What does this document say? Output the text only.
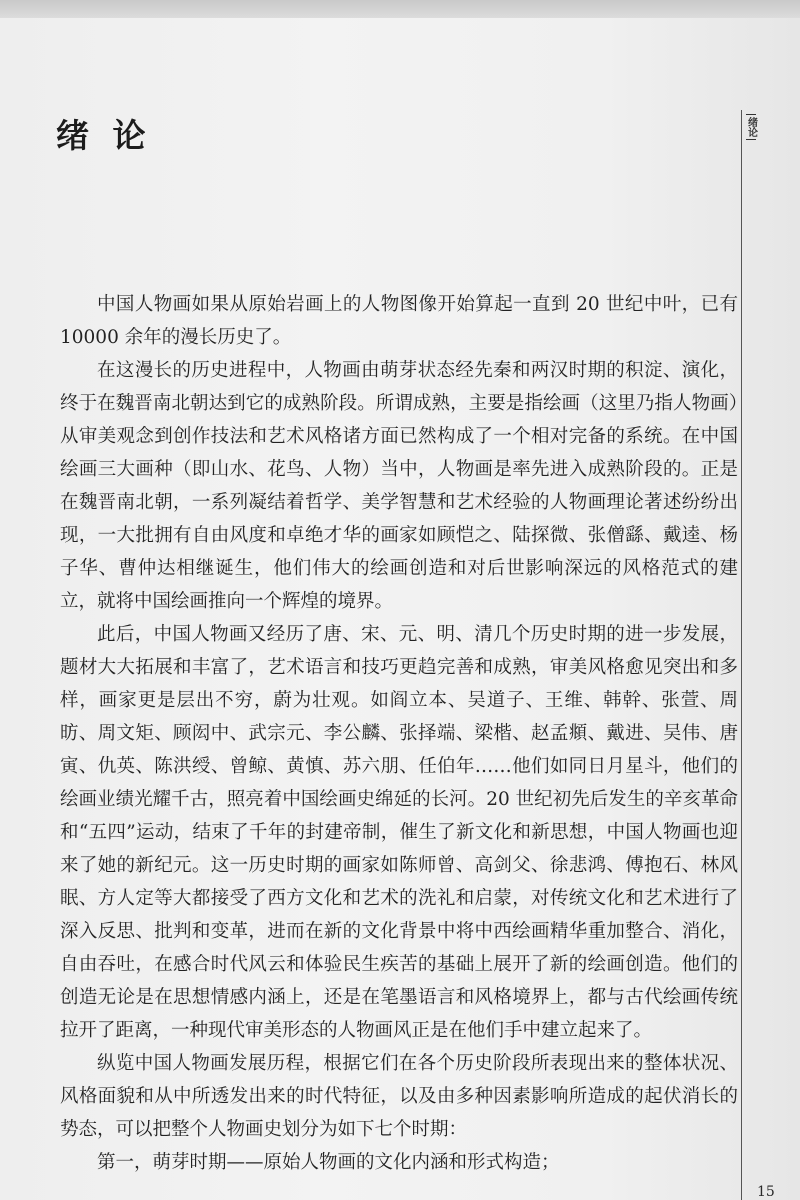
绪 论	绪论

中国人物画如果从原始岩画上的人物图像开始算起一直到 20 世纪中叶，已有 10000 余年的漫长历史了。

在这漫长的历史进程中，人物画由萌芽状态经先秦和两汉时期的积淀、演化，终于在魏晋南北朝达到它的成熟阶段。所谓成熟，主要是指绘画（这里乃指人物画）从审美观念到创作技法和艺术风格诸方面已然构成了一个相对完备的系统。在中国绘画三大画种（即山水、花鸟、人物）当中，人物画是率先进入成熟阶段的。正是在魏晋南北朝，一系列凝结着哲学、美学智慧和艺术经验的人物画理论著述纷纷出现，一大批拥有自由风度和卓绝才华的画家如顾恺之、陆探微、张僧繇、戴逵、杨子华、曹仲达相继诞生，他们伟大的绘画创造和对后世影响深远的风格范式的建立，就将中国绘画推向一个辉煌的境界。

此后，中国人物画又经历了唐、宋、元、明、清几个历史时期的进一步发展，题材大大拓展和丰富了，艺术语言和技巧更趋完善和成熟，审美风格愈见突出和多样，画家更是层出不穷，蔚为壮观。如阎立本、吴道子、王维、韩幹、张萱、周昉、周文矩、顾闳中、武宗元、李公麟、张择端、梁楷、赵孟頫、戴进、吴伟、唐寅、仇英、陈洪绶、曾鲸、黄慎、苏六朋、任伯年……他们如同日月星斗，他们的绘画业绩光耀千古，照亮着中国绘画史绵延的长河。20 世纪初先后发生的辛亥革命和“五四”运动，结束了千年的封建帝制，催生了新文化和新思想，中国人物画也迎来了她的新纪元。这一历史时期的画家如陈师曾、高剑父、徐悲鸿、傅抱石、林风眠、方人定等大都接受了西方文化和艺术的洗礼和启蒙，对传统文化和艺术进行了深入反思、批判和变革，进而在新的文化背景中将中西绘画精华重加整合、消化，自由吞吐，在感合时代风云和体验民生疾苦的基础上展开了新的绘画创造。他们的创造无论是在思想情感内涵上，还是在笔墨语言和风格境界上，都与古代绘画传统拉开了距离，一种现代审美形态的人物画风正是在他们手中建立起来了。

纵览中国人物画发展历程，根据它们在各个历史阶段所表现出来的整体状况、风格面貌和从中所透发出来的时代特征，以及由多种因素影响所造成的起伏消长的势态，可以把整个人物画史划分为如下七个时期：

第一，萌芽时期——原始人物画的文化内涵和形式构造；

15
